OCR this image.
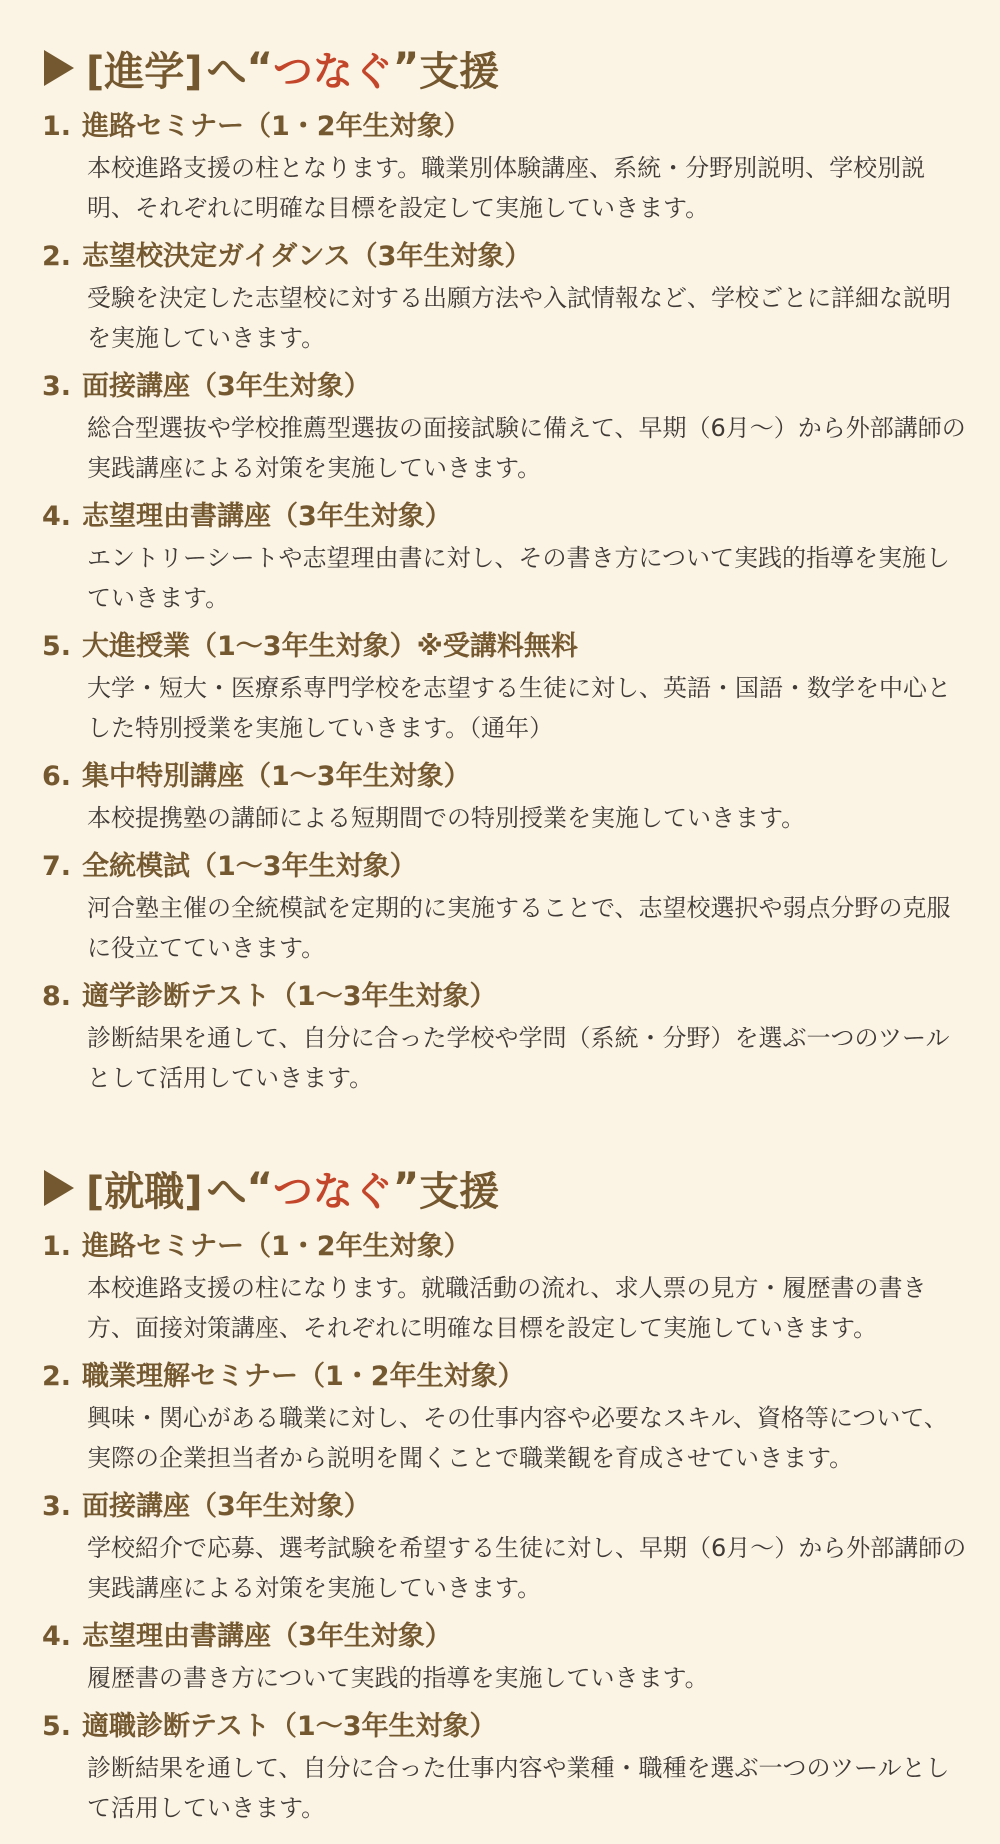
[進学] へ “ つなぐ ” 支援
1. 進路セミナー（1・2年生対象）
本校進路支援の柱となります。職業別体験講座、系統・分野別説明、学校別説明、それぞれに明確な目標を設定して実施していきます。
2. 志望校決定ガイダンス（3年生対象）
受験を決定した志望校に対する出願方法や入試情報など、学校ごとに詳細な説明を実施していきます。
3. 面接講座（3年生対象）
総合型選抜や学校推薦型選抜の面接試験に備えて、早期（6月〜）から外部講師の実践講座による対策を実施していきます。
4. 志望理由書講座（3年生対象）
エントリーシートや志望理由書に対し、その書き方について実践的指導を実施していきます。
5. 大進授業（1〜3年生対象）※受講料無料
大学・短大・医療系専門学校を志望する生徒に対し、英語・国語・数学を中心とした特別授業を実施していきます。（通年）
6. 集中特別講座（1〜3年生対象）
本校提携塾の講師による短期間での特別授業を実施していきます。
7. 全統模試（1〜3年生対象）
河合塾主催の全統模試を定期的に実施することで、志望校選択や弱点分野の克服に役立てていきます。
8. 適学診断テスト（1〜3年生対象）
診断結果を通して、自分に合った学校や学問（系統・分野）を選ぶ一つのツールとして活用していきます。
[就職] へ “ つなぐ ” 支援
1. 進路セミナー（1・2年生対象）
本校進路支援の柱になります。就職活動の流れ、求人票の見方・履歴書の書き方、面接対策講座、それぞれに明確な目標を設定して実施していきます。
2. 職業理解セミナー（1・2年生対象）
興味・関心がある職業に対し、その仕事内容や必要なスキル、資格等について、実際の企業担当者から説明を聞くことで職業観を育成させていきます。
3. 面接講座（3年生対象）
学校紹介で応募、選考試験を希望する生徒に対し、早期（6月〜）から外部講師の実践講座による対策を実施していきます。
4. 志望理由書講座（3年生対象）
履歴書の書き方について実践的指導を実施していきます。
5. 適職診断テスト（1〜3年生対象）
診断結果を通して、自分に合った仕事内容や業種・職種を選ぶ一つのツールとして活用していきます。
